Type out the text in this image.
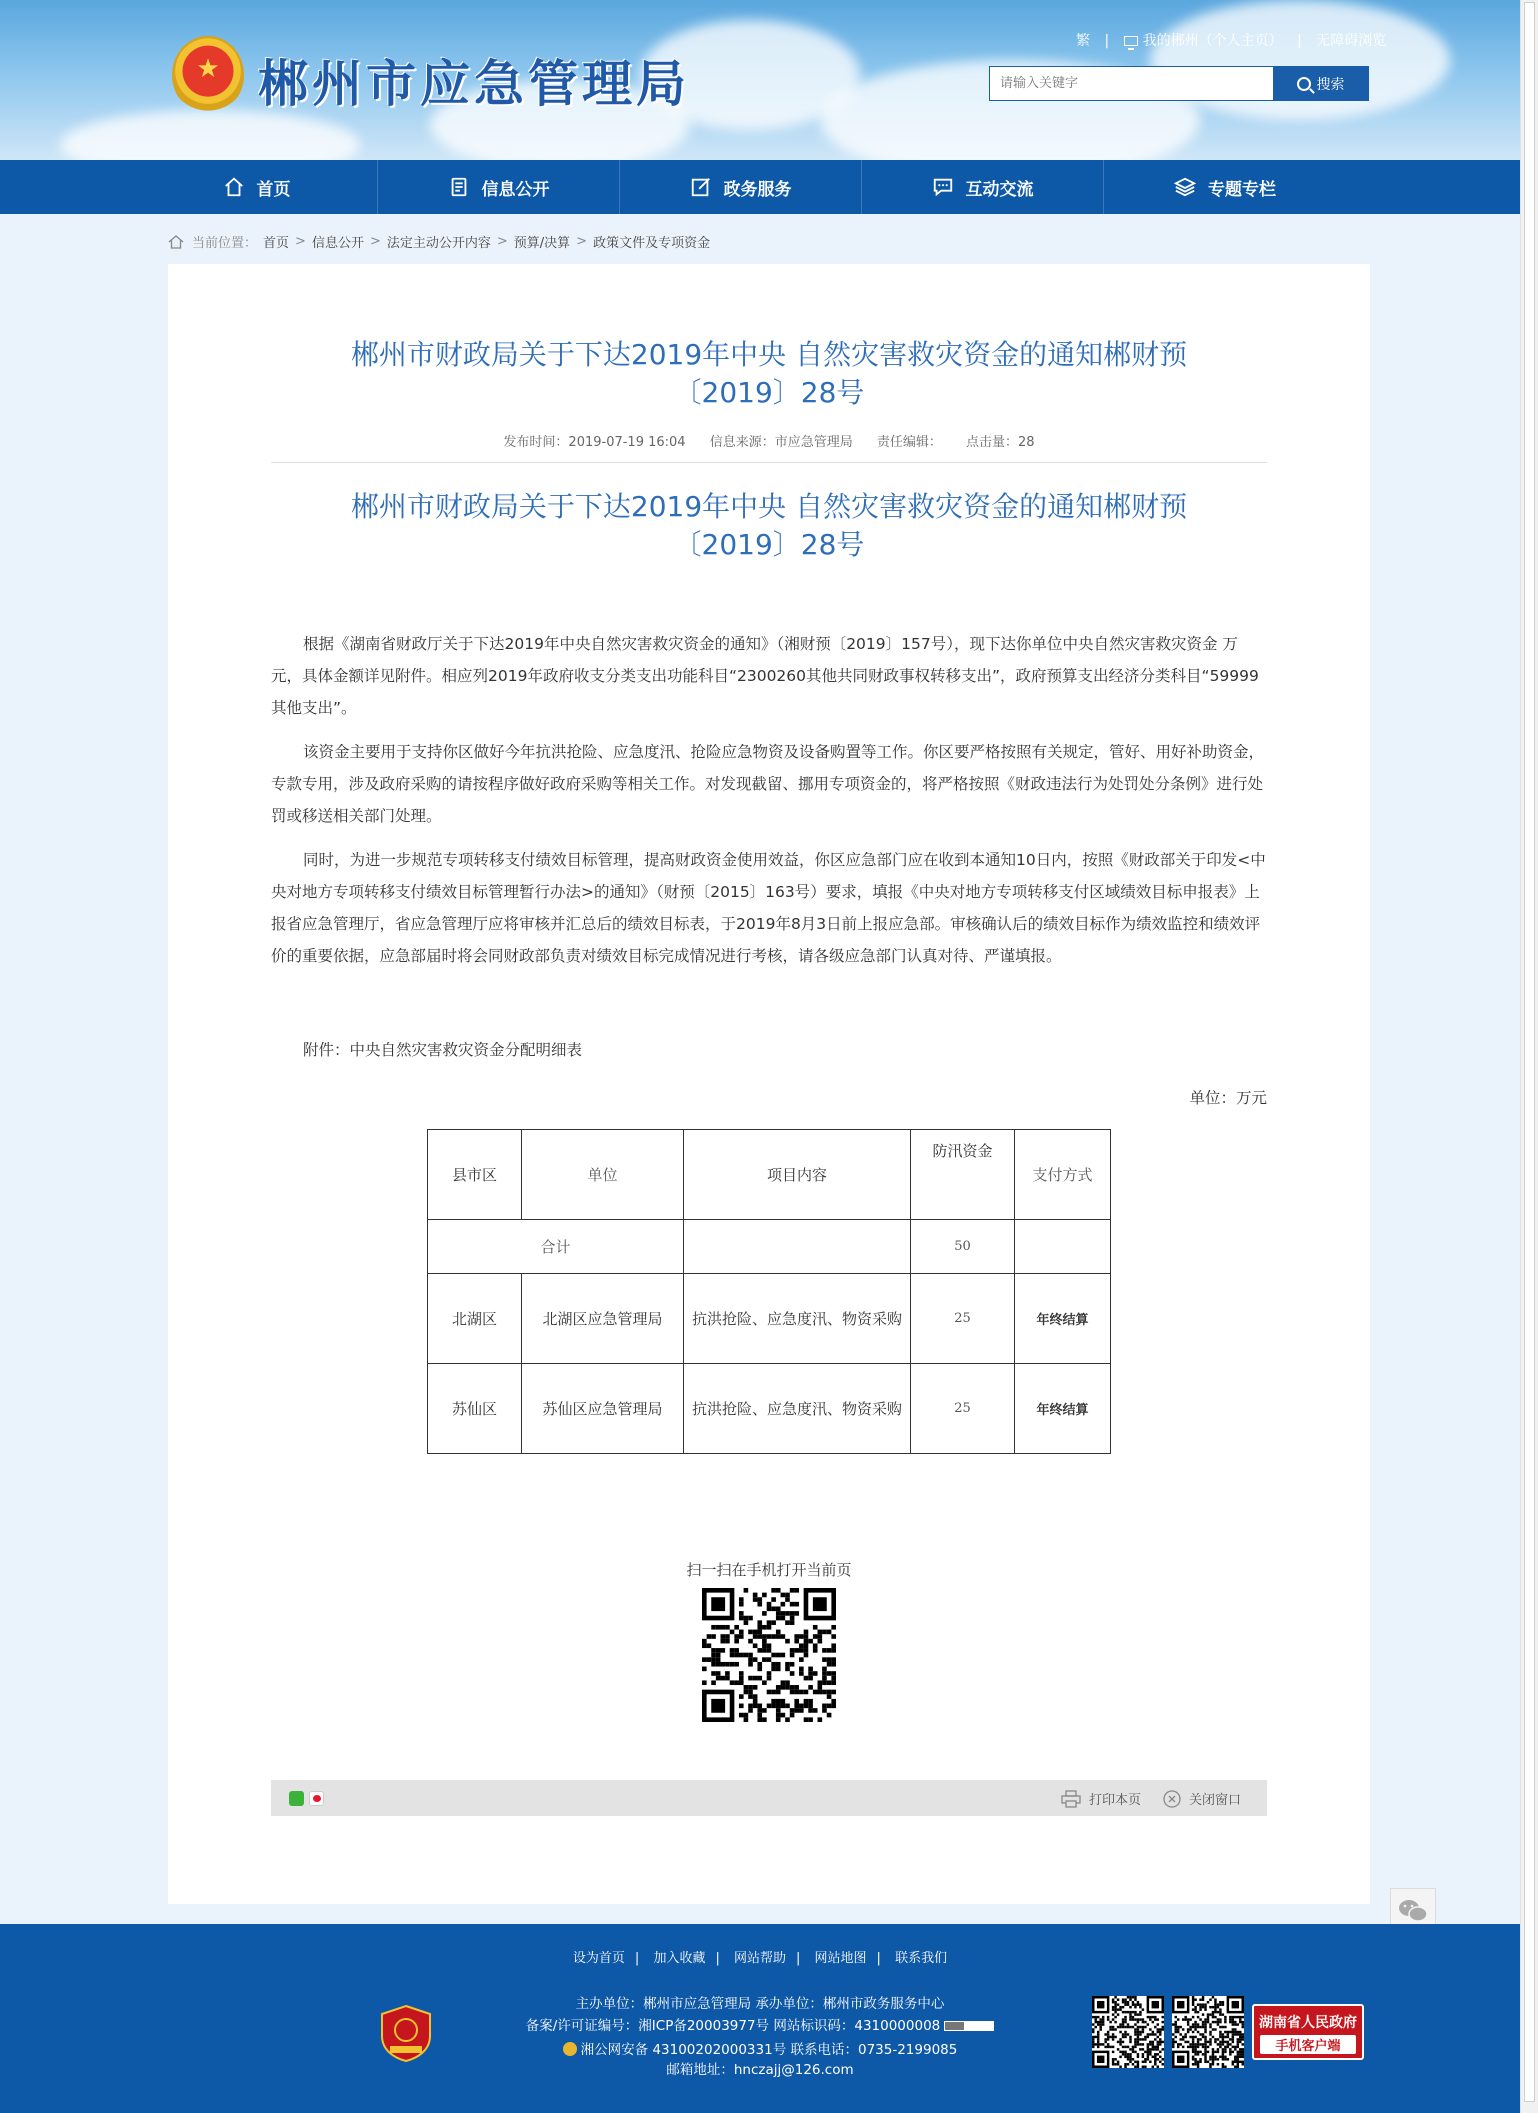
★ 郴州市应急管理局
繁 | 我的郴州（个人主页） | 无障碍浏览
请输入关键字
搜索
首页	信息公开	政务服务	互动交流	专题专栏
当前位置： 首页 > 信息公开 > 法定主动公开内容 > 预算/决算 > 政策文件及专项资金
郴州市财政局关于下达2019年中央 自然灾害救灾资金的通知郴财预
〔2019〕28号
发布时间：2019-07-19 16:04 信息来源：市应急管理局 责任编辑： 点击量：28
郴州市财政局关于下达2019年中央 自然灾害救灾资金的通知郴财预
〔2019〕28号
根据《湖南省财政厅关于下达2019年中央自然灾害救灾资金的通知》（湘财预〔2019〕157号），现下达你单位中央自然灾害救灾资金 万元，具体金额详见附件。相应列2019年政府收支分类支出功能科目“2300260其他共同财政事权转移支出”，政府预算支出经济分类科目“59999其他支出”。
该资金主要用于支持你区做好今年抗洪抢险、应急度汛、抢险应急物资及设备购置等工作。你区要严格按照有关规定，管好、用好补助资金，专款专用，涉及政府采购的请按程序做好政府采购等相关工作。对发现截留、挪用专项资金的，将严格按照《财政违法行为处罚处分条例》进行处罚或移送相关部门处理。
同时，为进一步规范专项转移支付绩效目标管理，提高财政资金使用效益，你区应急部门应在收到本通知10日内，按照《财政部关于印发<中央对地方专项转移支付绩效目标管理暂行办法>的通知》（财预〔2015〕163号）要求，填报《中央对地方专项转移支付区域绩效目标申报表》上报省应急管理厅，省应急管理厅应将审核并汇总后的绩效目标表，于2019年8月3日前上报应急部。审核确认后的绩效目标作为绩效监控和绩效评价的重要依据，应急部届时将会同财政部负责对绩效目标完成情况进行考核，请各级应急部门认真对待、严谨填报。
附件：中央自然灾害救灾资金分配明细表
单位：万元
县市区	单位	项目内容	防汛资金	支付方式
合计			50	
北湖区	北湖区应急管理局	抗洪抢险、应急度汛、物资采购	25	年终结算
苏仙区	苏仙区应急管理局	抗洪抢险、应急度汛、物资采购	25	年终结算
扫一扫在手机打开当前页
打印本页	关闭窗口
设为首页 | 加入收藏 | 网站帮助 | 网站地图 | 联系我们
主办单位：郴州市应急管理局 承办单位：郴州市政务服务中心
备案/许可证编号：湘ICP备20003977号 网站标识码：4310000008
湘公网安备 43100202000331号 联系电话：0735-2199085
邮箱地址：hnczajj@126.com
湖南省人民政府
手机客户端
